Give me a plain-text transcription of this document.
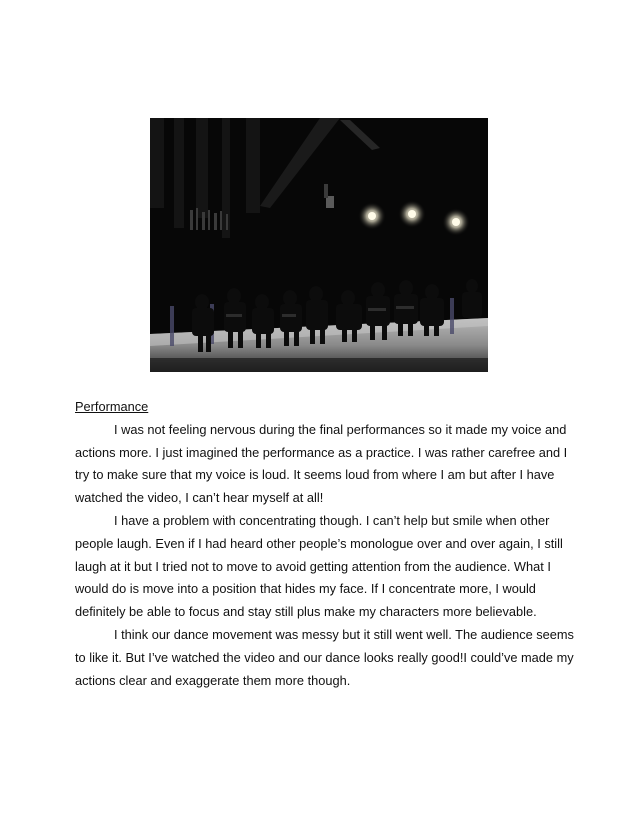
Performance
I was not feeling nervous during the final performances so it made my voice and
actions more. I just imagined the performance as a practice. I was rather carefree and I
try to make sure that my voice is loud. It seems loud from where I am but after I have
watched the video, I can’t hear myself at all!
I have a problem with concentrating though. I can’t help but smile when other
people laugh. Even if I had heard other people’s monologue over and over again, I still
laugh at it but I tried not to move to avoid getting attention from the audience. What I
would do is move into a position that hides my face. If I concentrate more, I would
definitely be able to focus and stay still plus make my characters more believable.
I think our dance movement was messy but it still went well. The audience seems
to like it. But I’ve watched the video and our dance looks really good!I could’ve made my
actions clear and exaggerate them more though.
